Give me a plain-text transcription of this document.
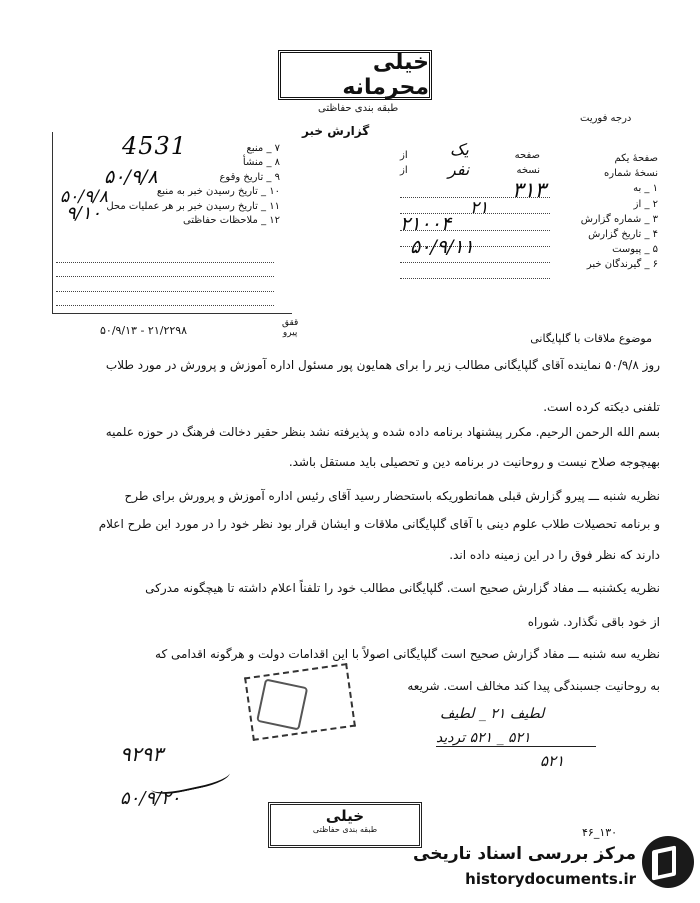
خیلی محرمانه
طبقه بندی حفاظتی
گزارش خبر
درجه فوریت
۷ _ منبع
۸ _ منشأ
۹ _ تاریخ وقوع
۱۰ _ تاریخ رسیدن خبر به منبع
۱۱ _ تاریخ رسیدن خبر بر هر عملیات محل
۱۲ _ ملاحظات حفاظتی
4531
۵۰/۹/۸
۵۰/۹/۸
۹/۱۰
صفحهٔ یکم
نسخهٔ شماره
۱ _ به
۲ _ از
۳ _ شماره گزارش
۴ _ تاریخ گزارش
۵ _ پیوست
۶ _ گیرندگان خبر
صفحه
از
نسخه
از
یک
نفر
۳۱۳
۲۱
۲۱۰۰۴
۵۰/۹/۱۱
ققق
پیرو
۵۰/۹/۱۳ - ۲۱/۲۲۹۸
موضوع ملاقات با گلپایگانی
روز ۵۰/۹/۸ نماینده آقای گلپایگانی مطالب زیر را برای همایون پور مسئول اداره آموزش و پرورش در مورد طلاب
تلفنی دیکته کرده است.
بسم الله الرحمن الرحیم. مکرر پیشنهاد برنامه داده شده و پذیرفته نشد بنظر حقیر دخالت فرهنگ در حوزه علمیه
بهیچوجه صلاح نیست و روحانیت در برنامه دین و تحصیلی باید مستقل باشد.
نظریه شنبه ـــ پیرو گزارش قبلی همانطوریکه باستحضار رسید آقای رئیس اداره آموزش و پرورش برای طرح
و برنامه تحصیلات طلاب علوم دینی با آقای گلپایگانی ملاقات و ایشان قرار بود نظر خود را در مورد این طرح اعلام
دارند که نظر فوق را در این زمینه داده اند.
نظریه یکشنبه ـــ مفاد گزارش صحیح است. گلپایگانی مطالب خود را تلفناً اعلام داشته تا هیچگونه مدرکی
از خود باقی نگذارد. شوراه
نظریه سه شنبه ـــ مفاد گزارش صحیح است گلپایگانی اصولاً با این اقدامات دولت و هرگونه اقدامی که
به روحانیت جسبندگی پیدا کند مخالف است. شریعه
۹۲۹۳
۵۰/۹/۲۰
لطیف ۲۱ _ لطیف
۵۲۱ _ ۵۲۱ تردید
۵۲۱
خیلی
طبقه بندی حفاظتی	۴۶_۱۳۰
مرکز بررسی اسناد تاریخی
historydocuments.ir
